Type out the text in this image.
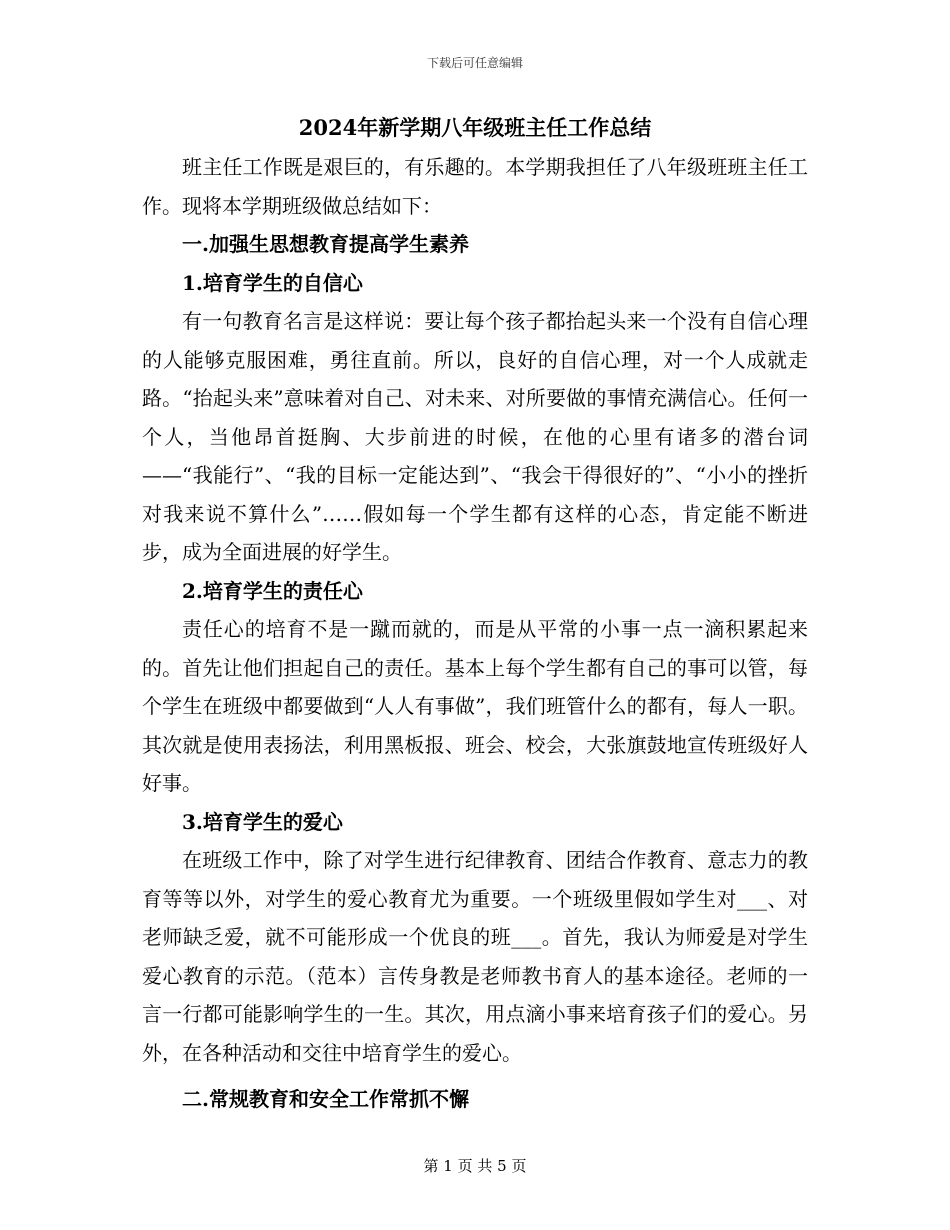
下载后可任意编辑
2024年新学期八年级班主任工作总结

班主任工作既是艰巨的，有乐趣的。本学期我担任了八年级班班主任工作。现将本学期班级做总结如下：

一.加强生思想教育提高学生素养
1.培育学生的自信心

有一句教育名言是这样说：要让每个孩子都抬起头来一个没有自信心理的人能够克服困难，勇往直前。所以，良好的自信心理，对一个人成就走路。“抬起头来”意味着对自己、对未来、对所要做的事情充满信心。任何一个人，当他昂首挺胸、大步前进的时候，在他的心里有诸多的潜台词——“我能行”、“我的目标一定能达到”、“我会干得很好的”、“小小的挫折对我来说不算什么”……假如每一个学生都有这样的心态，肯定能不断进步，成为全面进展的好学生。

2.培育学生的责任心

责任心的培育不是一蹴而就的，而是从平常的小事一点一滴积累起来的。首先让他们担起自己的责任。基本上每个学生都有自己的事可以管，每个学生在班级中都要做到“人人有事做”，我们班管什么的都有，每人一职。其次就是使用表扬法，利用黑板报、班会、校会，大张旗鼓地宣传班级好人好事。

3.培育学生的爱心

在班级工作中，除了对学生进行纪律教育、团结合作教育、意志力的教育等等以外，对学生的爱心教育尤为重要。一个班级里假如学生对___、对老师缺乏爱，就不可能形成一个优良的班___。首先，我认为师爱是对学生爱心教育的示范。（范本）言传身教是老师教书育人的基本途径。老师的一言一行都可能影响学生的一生。其次，用点滴小事来培育孩子们的爱心。另外，在各种活动和交往中培育学生的爱心。

二.常规教育和安全工作常抓不懈
第 1 页 共 5 页
